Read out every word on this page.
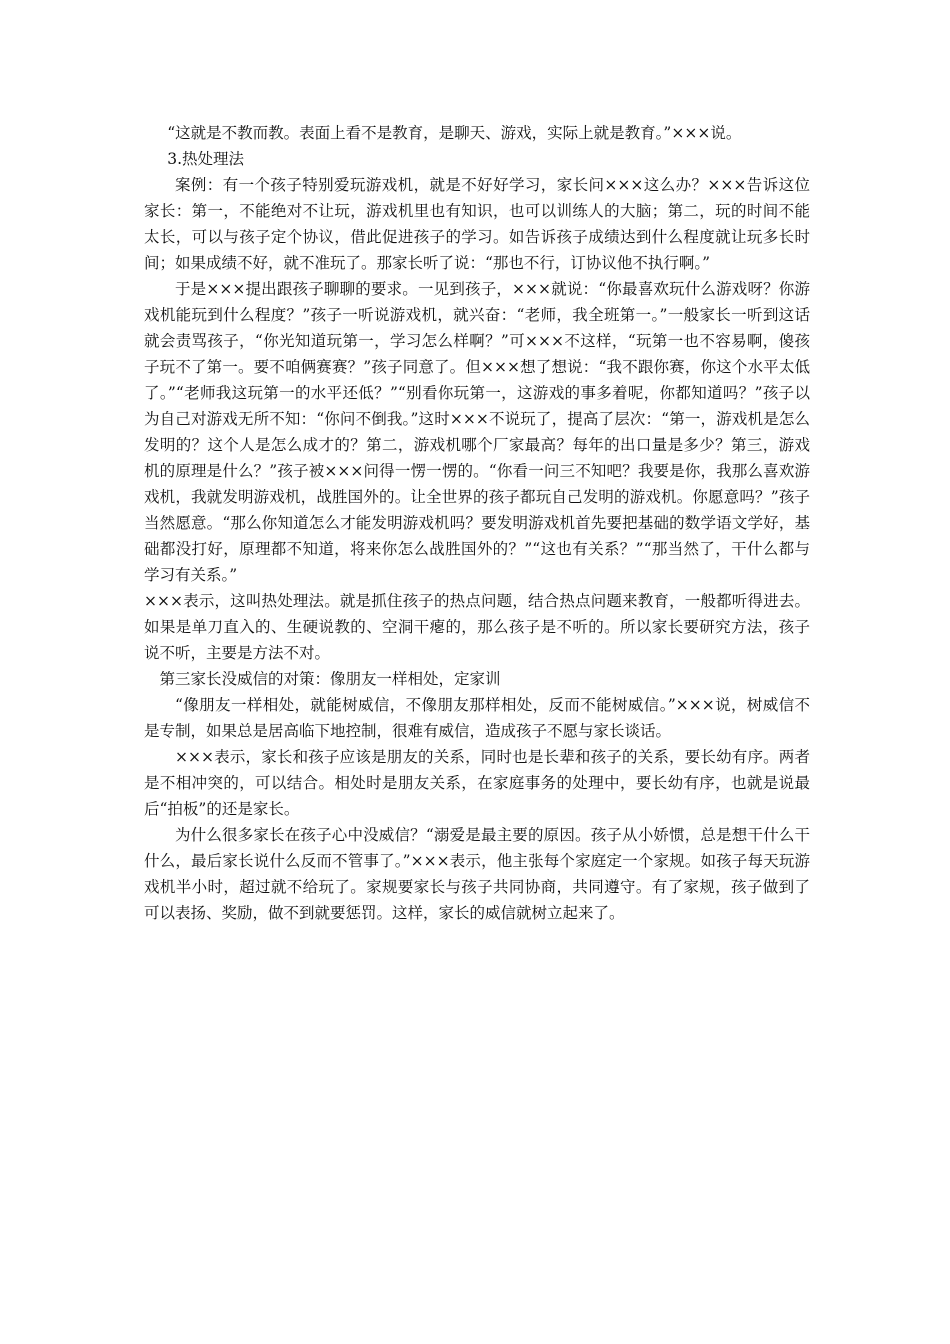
“这就是不教而教。表面上看不是教育，是聊天、游戏，实际上就是教育。”×××说。

3.热处理法

案例：有一个孩子特别爱玩游戏机，就是不好好学习，家长问×××这么办？×××告诉这位家长：第一，不能绝对不让玩，游戏机里也有知识，也可以训练人的大脑；第二，玩的时间不能太长，可以与孩子定个协议，借此促进孩子的学习。如告诉孩子成绩达到什么程度就让玩多长时间；如果成绩不好，就不准玩了。那家长听了说：“那也不行，订协议他不执行啊。”

于是×××提出跟孩子聊聊的要求。一见到孩子，×××就说：“你最喜欢玩什么游戏呀？你游戏机能玩到什么程度？”孩子一听说游戏机，就兴奋：“老师，我全班第一。”一般家长一听到这话就会责骂孩子，“你光知道玩第一，学习怎么样啊？”可×××不这样，“玩第一也不容易啊，傻孩子玩不了第一。要不咱俩赛赛？”孩子同意了。但×××想了想说：“我不跟你赛，你这个水平太低了。”“老师我这玩第一的水平还低？”“别看你玩第一，这游戏的事多着呢，你都知道吗？”孩子以为自己对游戏无所不知：“你问不倒我。”这时×××不说玩了，提高了层次：“第一，游戏机是怎么发明的？这个人是怎么成才的？第二，游戏机哪个厂家最高？每年的出口量是多少？第三，游戏机的原理是什么？”孩子被×××问得一愣一愣的。“你看一问三不知吧？我要是你，我那么喜欢游戏机，我就发明游戏机，战胜国外的。让全世界的孩子都玩自己发明的游戏机。你愿意吗？”孩子当然愿意。“那么你知道怎么才能发明游戏机吗？要发明游戏机首先要把基础的数学语文学好，基础都没打好，原理都不知道，将来你怎么战胜国外的？”“这也有关系？”“那当然了，干什么都与学习有关系。”

×××表示，这叫热处理法。就是抓住孩子的热点问题，结合热点问题来教育，一般都听得进去。如果是单刀直入的、生硬说教的、空洞干瘪的，那么孩子是不听的。所以家长要研究方法，孩子说不听，主要是方法不对。

第三家长没威信的对策：像朋友一样相处，定家训

“像朋友一样相处，就能树威信，不像朋友那样相处，反而不能树威信。”×××说，树威信不是专制，如果总是居高临下地控制，很难有威信，造成孩子不愿与家长谈话。

×××表示，家长和孩子应该是朋友的关系，同时也是长辈和孩子的关系，要长幼有序。两者是不相冲突的，可以结合。相处时是朋友关系，在家庭事务的处理中，要长幼有序，也就是说最后“拍板”的还是家长。

为什么很多家长在孩子心中没威信？“溺爱是最主要的原因。孩子从小娇惯，总是想干什么干什么，最后家长说什么反而不管事了。”×××表示，他主张每个家庭定一个家规。如孩子每天玩游戏机半小时，超过就不给玩了。家规要家长与孩子共同协商，共同遵守。有了家规，孩子做到了可以表扬、奖励，做不到就要惩罚。这样，家长的威信就树立起来了。
